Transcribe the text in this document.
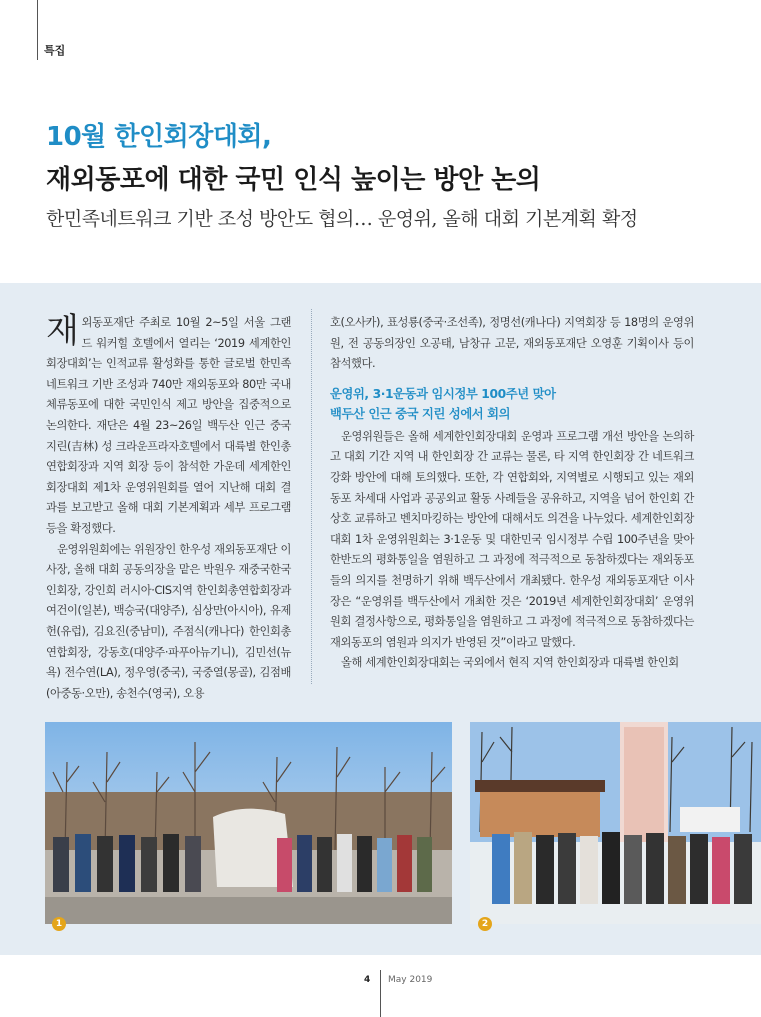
특집
10월 한인회장대회,
재외동포에 대한 국민 인식 높이는 방안 논의
한민족네트워크 기반 조성 방안도 협의… 운영위, 올해 대회 기본계획 확정

재외동포재단 주최로 10월 2~5일 서울 그랜드 워커힐 호텔에서 열리는 ‘2019 세계한인회장대회’는 인적교류 활성화를 통한 글로벌 한민족네트워크 기반 조성과 740만 재외동포와 80만 국내 체류동포에 대한 국민인식 제고 방안을 집중적으로 논의한다. 재단은 4월 23~26일 백두산 인근 중국 지린(吉林) 성 크라운프라자호텔에서 대륙별 한인총연합회장과 지역 회장 등이 참석한 가운데 세계한인회장대회 제1차 운영위원회를 열어 지난해 대회 결과를 보고받고 올해 대회 기본계획과 세부 프로그램 등을 확정했다.

운영위원회에는 위원장인 한우성 재외동포재단 이사장, 올해 대회 공동의장을 맡은 박원우 재중국한국인회장, 강인희 러시아·CIS지역 한인회총연합회장과 여건이(일본), 백승국(대양주), 심상만(아시아), 유제헌(유럽), 김요진(중남미), 주점식(캐나다) 한인회총연합회장, 강동호(대양주·파푸아뉴기니), 김민선(뉴욕) 전수연(LA), 정우영(중국), 국중열(몽골), 김점배(아중동·오만), 송천수(영국), 오용

호(오사카), 표성룡(중국·조선족), 정명선(캐나다) 지역회장 등 18명의 운영위원, 전 공동의장인 오공태, 남창규 고문, 재외동포재단 오영훈 기획이사 등이 참석했다.

운영위, 3·1운동과 임시정부 100주년 맞아
백두산 인근 중국 지린 성에서 회의

운영위원들은 올해 세계한인회장대회 운영과 프로그램 개선 방안을 논의하고 대회 기간 지역 내 한인회장 간 교류는 물론, 타 지역 한인회장 간 네트워크 강화 방안에 대해 토의했다. 또한, 각 연합회와, 지역별로 시행되고 있는 재외동포 차세대 사업과 공공외교 활동 사례들을 공유하고, 지역을 넘어 한인회 간 상호 교류하고 벤치마킹하는 방안에 대해서도 의견을 나누었다. 세계한인회장대회 1차 운영위원회는 3·1운동 및 대한민국 임시정부 수립 100주년을 맞아 한반도의 평화통일을 염원하고 그 과정에 적극적으로 동참하겠다는 재외동포들의 의지를 천명하기 위해 백두산에서 개최됐다. 한우성 재외동포재단 이사장은 “운영위를 백두산에서 개최한 것은 ‘2019년 세계한인회장대회’ 운영위원회 결정사항으로, 평화통일을 염원하고 그 과정에 적극적으로 동참하겠다는 재외동포의 염원과 의지가 반영된 것”이라고 말했다.

올해 세계한인회장대회는 국외에서 현직 지역 한인회장과 대륙별 한인회

1	2
4 May 2019
